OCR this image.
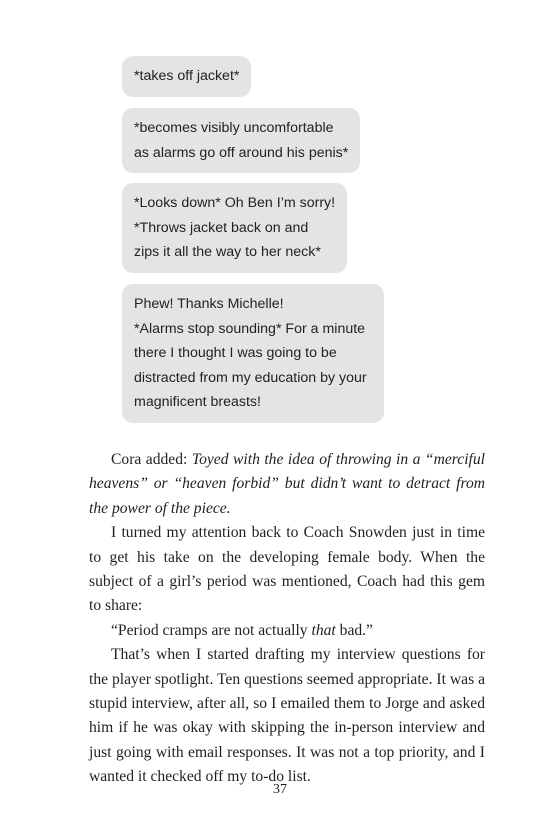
*takes off jacket*
*becomes visibly uncomfortable
as alarms go off around his penis*
*Looks down* Oh Ben I’m sorry!
*Throws jacket back on and
zips it all the way to her neck*
Phew! Thanks Michelle!
*Alarms stop sounding* For a minute
there I thought I was going to be
distracted from my education by your
magnificent breasts!

Cora added: Toyed with the idea of throwing in a “merciful heavens” or “heaven forbid” but didn’t want to detract from the power of the piece.

I turned my attention back to Coach Snowden just in time to get his take on the developing female body. When the subject of a girl’s period was mentioned, Coach had this gem to share:

“Period cramps are not actually that bad.”

That’s when I started drafting my interview questions for the player spotlight. Ten questions seemed appropriate. It was a stupid interview, after all, so I emailed them to Jorge and asked him if he was okay with skipping the in-person interview and just going with email responses. It was not a top priority, and I wanted it checked off my to-do list.

37
